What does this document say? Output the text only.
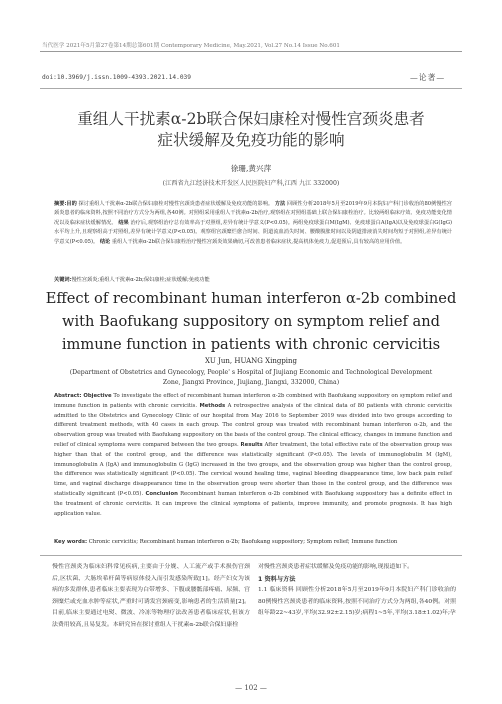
当代医学 2021年5月第27卷第14期总第601期 Contemporary Medicine, May.2021, Vol.27 No.14 Issue No.601
doi:10.3969/j.issn.1009-4393.2021.14.039	—论著—
重组人干扰素α-2b联合保妇康栓对慢性宫颈炎患者
症状缓解及免疫功能的影响
徐珊,黄兴萍
(江西省九江经济技术开发区人民医院妇产科,江西 九江 332000)
摘要:目的 探讨重组人干扰素α-2b联合保妇康栓对慢性宫颈炎患者症状缓解及免疫功能的影响。 方法 回顾性分析2018年5月至2019年9月本院妇产科门诊收治的80例慢性宫颈炎患者的临床资料,按照不同治疗方式分为两组,各40例。对照组采用重组人干扰素α-2b治疗,观察组在对照组基础上联合保妇康栓治疗。比较两组临床疗效、免疫功能变化情况以及临床症状缓解情况。 结果 治疗后,观察组治疗总有效率高于对照组,差异有统计学意义(P<0.05)。两组免疫球蛋白M(IgM)、免疫球蛋白A(IgA)以及免疫球蛋白G(IgG)水平均上升,且观察组高于对照组,差异有统计学意义(P<0.05)。观察组宫颈糜烂愈合时间、阴道流血消失时间、腰酸腹胀时间以及阴道排液消失时间均短于对照组,差异有统计学意义(P<0.05)。 结论 重组人干扰素α-2b联合保妇康栓治疗慢性宫颈炎效果确切,可改善患者临床症状,提高机体免疫力,促进预后,具有较高的应用价值。
关键词:慢性宫颈炎;重组人干扰素α-2b;保妇康栓;症状缓解;免疫功能
Effect of recombinant human interferon α-2b combined
with Baofukang suppository on symptom relief and
immune function in patients with chronic cervicitis
XU Jun, HUANG Xingping
(Department of Obstetrics and Gynecology, People' s Hospital of Jiujiang Economic and Technological Development Zone, Jiangxi Province, Jiujiang, Jiangxi, 332000, China)
Abstract: Objective To investigate the effect of recombinant human interferon α-2b combined with Baofukang suppository on symptom relief and immune function in patients with chronic cervicitis. Methods A retrospective analysis of the clinical data of 80 patients with chronic cervicitis admitted to the Obstetrics and Gynecology Clinic of our hospital from May 2016 to September 2019 was divided into two groups according to different treatment methods, with 40 cases in each group. The control group was treated with recombinant human interferon α-2b, and the observation group was treated with Baofukang suppository on the basis of the control group. The clinical efficacy, changes in immune function and relief of clinical symptoms were compared between the two groups. Results After treatment, the total effective rate of the observation group was higher than that of the control group, and the difference was statistically significant (P<0.05). The levels of immunoglobulin M (IgM), immunoglobulin A (IgA) and immunoglobulin G (IgG) increased in the two groups, and the observation group was higher than the control group, the difference was statistically significant (P<0.05). The cervical wound healing time, vaginal bleeding disappearance time, low back pain relief time, and vaginal discharge disappearance time in the observation group were shorter than those in the control group, and the difference was statistically significant (P<0.05). Conclusion Recombinant human interferon α-2b combined with Baofukang suppository has a definite effect in the treatment of chronic cervicitis. It can improve the clinical symptoms of patients, improve immunity, and promote prognosis. It has high application value.
Key words: Chronic cervicitis; Recombinant human interferon α-2b; Baofukang suppository; Symptom relief; Immune function
慢性宫颈炎为临床妇科常见疾病,主要由于分娩、人工流产或手术损伤宫颈后,区状菌、大肠埃希杆菌等病原体侵入而引发感染所致[1]。经产妇女为该病的多发群体,患者临床主要表现为白带增多、下腹或腰骶部疼痛、尿频、宫颈糜烂或充血水肿等症状,严重时可诱发宫颈癌变,影响患者的生活质量[2]。目前,临床主要通过电熨、微波、冷冻等物理疗法改善患者临床症状,但该方法费用较高,且易复发。本研究旨在探讨重组人干扰素α-2b联合保妇康栓
对慢性宫颈炎患者症状缓解及免疫功能的影响,现报道如下。
1 资料与方法
1.1 临床资料 回顾性分析2018年5月至2019年9月本院妇产科门诊收治的80例慢性宫颈炎患者的临床资料,按照不同治疗方式分为两组,各40例。对照组年龄22~43岁,平均(32.92±2.15)岁;病程1~5年,平均(3.18±1.02)年;孕
— 102 —
